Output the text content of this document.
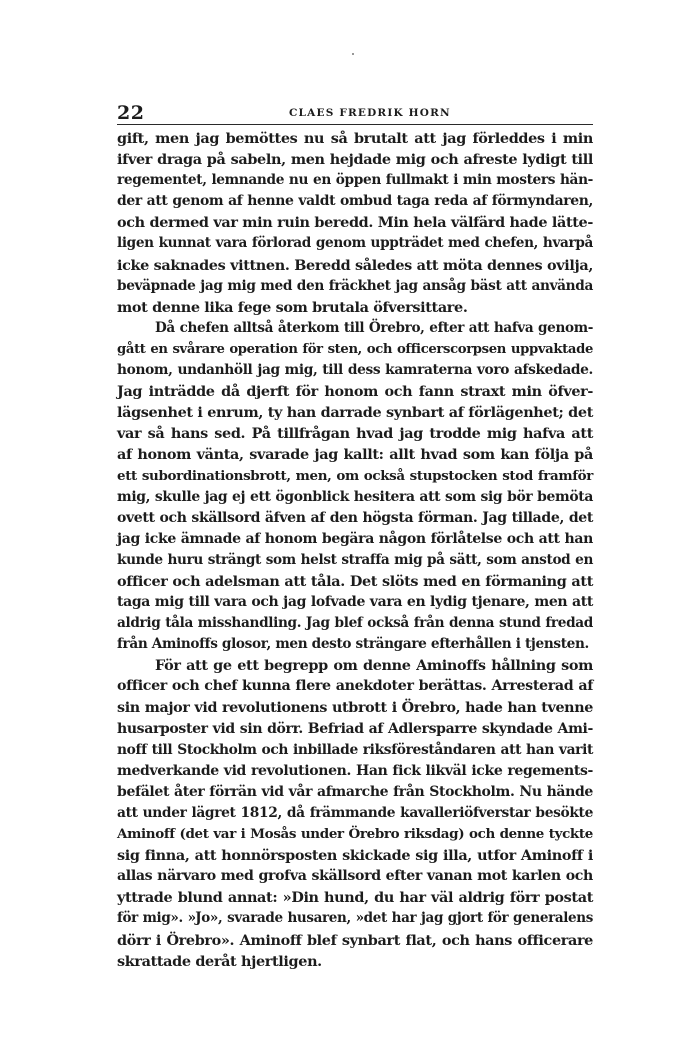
22	CLAES FREDRIK HORN
gift, men jag bemöttes nu så brutalt att jag förleddes i min
ifver draga på sabeln, men hejdade mig och afreste lydigt till
regementet, lemnande nu en öppen fullmakt i min mosters hän-
der att genom af henne valdt ombud taga reda af förmyndaren,
och dermed var min ruin beredd. Min hela välfärd hade lätte-
ligen kunnat vara förlorad genom uppträdet med chefen, hvarpå
icke saknades vittnen. Beredd således att möta dennes ovilja,
beväpnade jag mig med den fräckhet jag ansåg bäst att använda
mot denne lika fege som brutala öfversittare.
Då chefen alltså återkom till Örebro, efter att hafva genom-
gått en svårare operation för sten, och officerscorpsen uppvaktade
honom, undanhöll jag mig, till dess kamraterna voro afskedade.
Jag inträdde då djerft för honom och fann straxt min öfver-
lägsenhet i enrum, ty han darrade synbart af förlägenhet; det
var så hans sed. På tillfrågan hvad jag trodde mig hafva att
af honom vänta, svarade jag kallt: allt hvad som kan följa på
ett subordinationsbrott, men, om också stupstocken stod framför
mig, skulle jag ej ett ögonblick hesitera att som sig bör bemöta
ovett och skällsord äfven af den högsta förman. Jag tillade, det
jag icke ämnade af honom begära någon förlåtelse och att han
kunde huru strängt som helst straffa mig på sätt, som anstod en
officer och adelsman att tåla. Det slöts med en förmaning att
taga mig till vara och jag lofvade vara en lydig tjenare, men att
aldrig tåla misshandling. Jag blef också från denna stund fredad
från Aminoffs glosor, men desto strängare efterhållen i tjensten.
För att ge ett begrepp om denne Aminoffs hållning som
officer och chef kunna flere anekdoter berättas. Arresterad af
sin major vid revolutionens utbrott i Örebro, hade han tvenne
husarposter vid sin dörr. Befriad af Adlersparre skyndade Ami-
noff till Stockholm och inbillade riksföreståndaren att han varit
medverkande vid revolutionen. Han fick likväl icke regements-
befälet åter förrän vid vår afmarche från Stockholm. Nu hände
att under lägret 1812, då främmande kavalleriöfverstar besökte
Aminoff (det var i Mosås under Örebro riksdag) och denne tyckte
sig finna, att honnörsposten skickade sig illa, utfor Aminoff i
allas närvaro med grofva skällsord efter vanan mot karlen och
yttrade blund annat: »Din hund, du har väl aldrig förr postat
för mig». »Jo», svarade husaren, »det har jag gjort för generalens
dörr i Örebro». Aminoff blef synbart flat, och hans officerare
skrattade deråt hjertligen.
